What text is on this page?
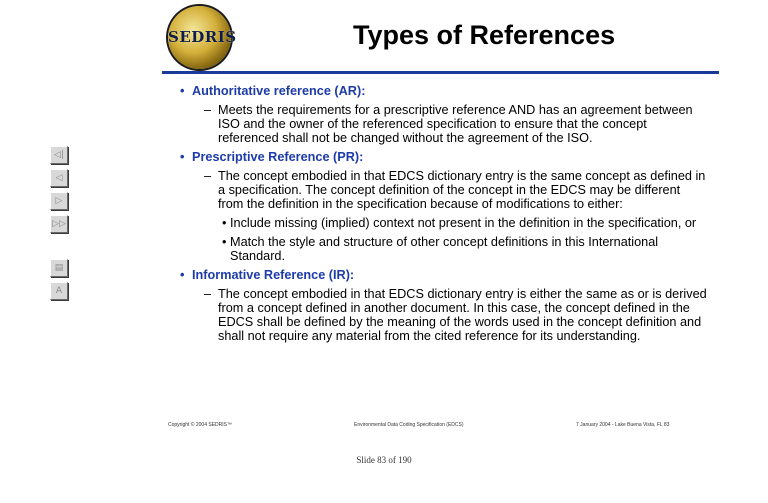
◁|
◁
▷
▷▷
▤
A
SEDRIS	Types of References
• Authoritative reference (AR):
– Meets the requirements for a prescriptive reference AND has an agreement between ISO and the owner of the referenced specification to ensure that the concept referenced shall not be changed without the agreement of the ISO.
• Prescriptive Reference (PR):
– The concept embodied in that EDCS dictionary entry is the same concept as defined in a specification. The concept definition of the concept in the EDCS may be different from the definition in the specification because of modifications to either:
• Include missing (implied) context not present in the definition in the specification, or
• Match the style and structure of other concept definitions in this International Standard.
• Informative Reference (IR):
– The concept embodied in that EDCS dictionary entry is either the same as or is derived from a concept defined in another document. In this case, the concept defined in the EDCS shall be defined by the meaning of the words used in the concept definition and shall not require any material from the cited reference for its understanding.
Copyright © 2004 SEDRIS™	Environmental Data Coding Specification (EDCS)	7 January 2004 - Lake Buena Vista, FL 83
Slide 83 of 190
